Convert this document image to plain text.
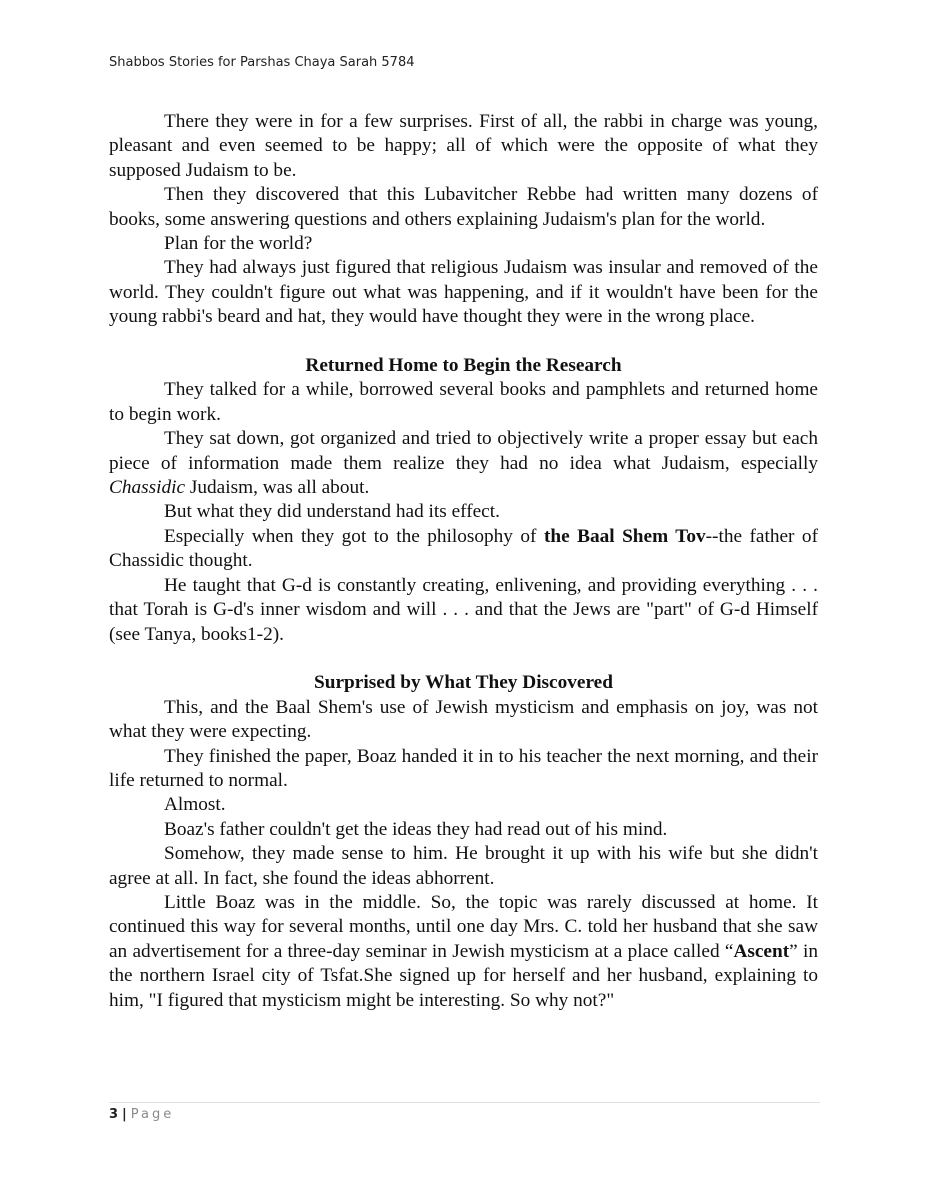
Shabbos Stories for Parshas Chaya Sarah 5784

There they were in for a few surprises. First of all, the rabbi in charge was young, pleasant and even seemed to be happy; all of which were the opposite of what they supposed Judaism to be.

Then they discovered that this Lubavitcher Rebbe had written many dozens of books, some answering questions and others explaining Judaism's plan for the world.

Plan for the world?

They had always just figured that religious Judaism was insular and removed of the world. They couldn't figure out what was happening, and if it wouldn't have been for the young rabbi's beard and hat, they would have thought they were in the wrong place.

Returned Home to Begin the Research

They talked for a while, borrowed several books and pamphlets and returned home to begin work.

They sat down, got organized and tried to objectively write a proper essay but each piece of information made them realize they had no idea what Judaism, especially Chassidic Judaism, was all about.

But what they did understand had its effect.

Especially when they got to the philosophy of the Baal Shem Tov--the father of Chassidic thought.

He taught that G-d is constantly creating, enlivening, and providing everything . . . that Torah is G-d's inner wisdom and will . . . and that the Jews are "part" of G-d Himself (see Tanya, books1-2).

Surprised by What They Discovered

This, and the Baal Shem's use of Jewish mysticism and emphasis on joy, was not what they were expecting.

They finished the paper, Boaz handed it in to his teacher the next morning, and their life returned to normal.

Almost.

Boaz's father couldn't get the ideas they had read out of his mind.

Somehow, they made sense to him. He brought it up with his wife but she didn't agree at all. In fact, she found the ideas abhorrent.

Little Boaz was in the middle. So, the topic was rarely discussed at home. It continued this way for several months, until one day Mrs. C. told her husband that she saw an advertisement for a three-day seminar in Jewish mysticism at a place called “Ascent” in the northern Israel city of Tsfat.She signed up for herself and her husband, explaining to him, "I figured that mysticism might be interesting. So why not?"

3 | Page
